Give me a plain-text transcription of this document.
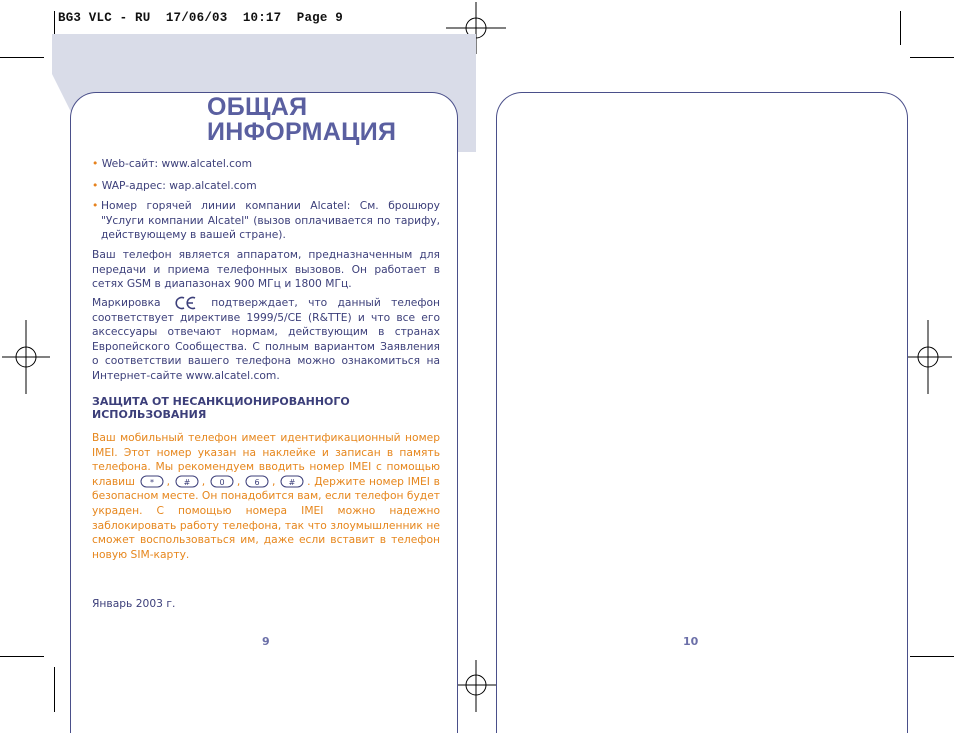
BG3 VLC - RU  17/06/03  10:17  Page 9
ОБЩАЯ
ИНФОРМАЦИЯ
• Web-сайт: www.alcatel.com
• WAP-адрес: wap.alcatel.com
• Номер горячей линии компании Alcatel: См. брошюру "Услуги компании Alcatel" (вызов оплачивается по тарифу, действующему в вашей стране).
Ваш телефон является аппаратом, предназначенным для передачи и приема телефонных вызовов. Он работает в сетях GSM в диапазонах 900 МГц и 1800 МГц.
Маркировка	подтверждает, что данный телефон соответствует директиве 1999/5/CE (R&TTE) и что все его аксессуары отвечают нормам, действующим в странах Европейского Сообщества. С полным вариантом Заявления о соответствии вашего телефона можно ознакомиться на Интернет-сайте www.alcatel.com.
ЗАЩИТА ОТ НЕСАНКЦИОНИРОВАННОГО ИСПОЛЬЗОВАНИЯ
Ваш мобильный телефон имеет идентификационный номер IMEI. Этот номер указан на наклейке и записан в память телефона. Мы рекомендуем вводить номер IMEI с помощью клавиш * , # , 0 , 6 , # . Держите номер IMEI в безопасном месте. Он понадобится вам, если телефон будет украден. С помощью номера IMEI можно надежно заблокировать работу телефона, так что злоумышленник не сможет воспользоваться им, даже если вставит в телефон новую SIM-карту.
Январь 2003 г.
9	10
